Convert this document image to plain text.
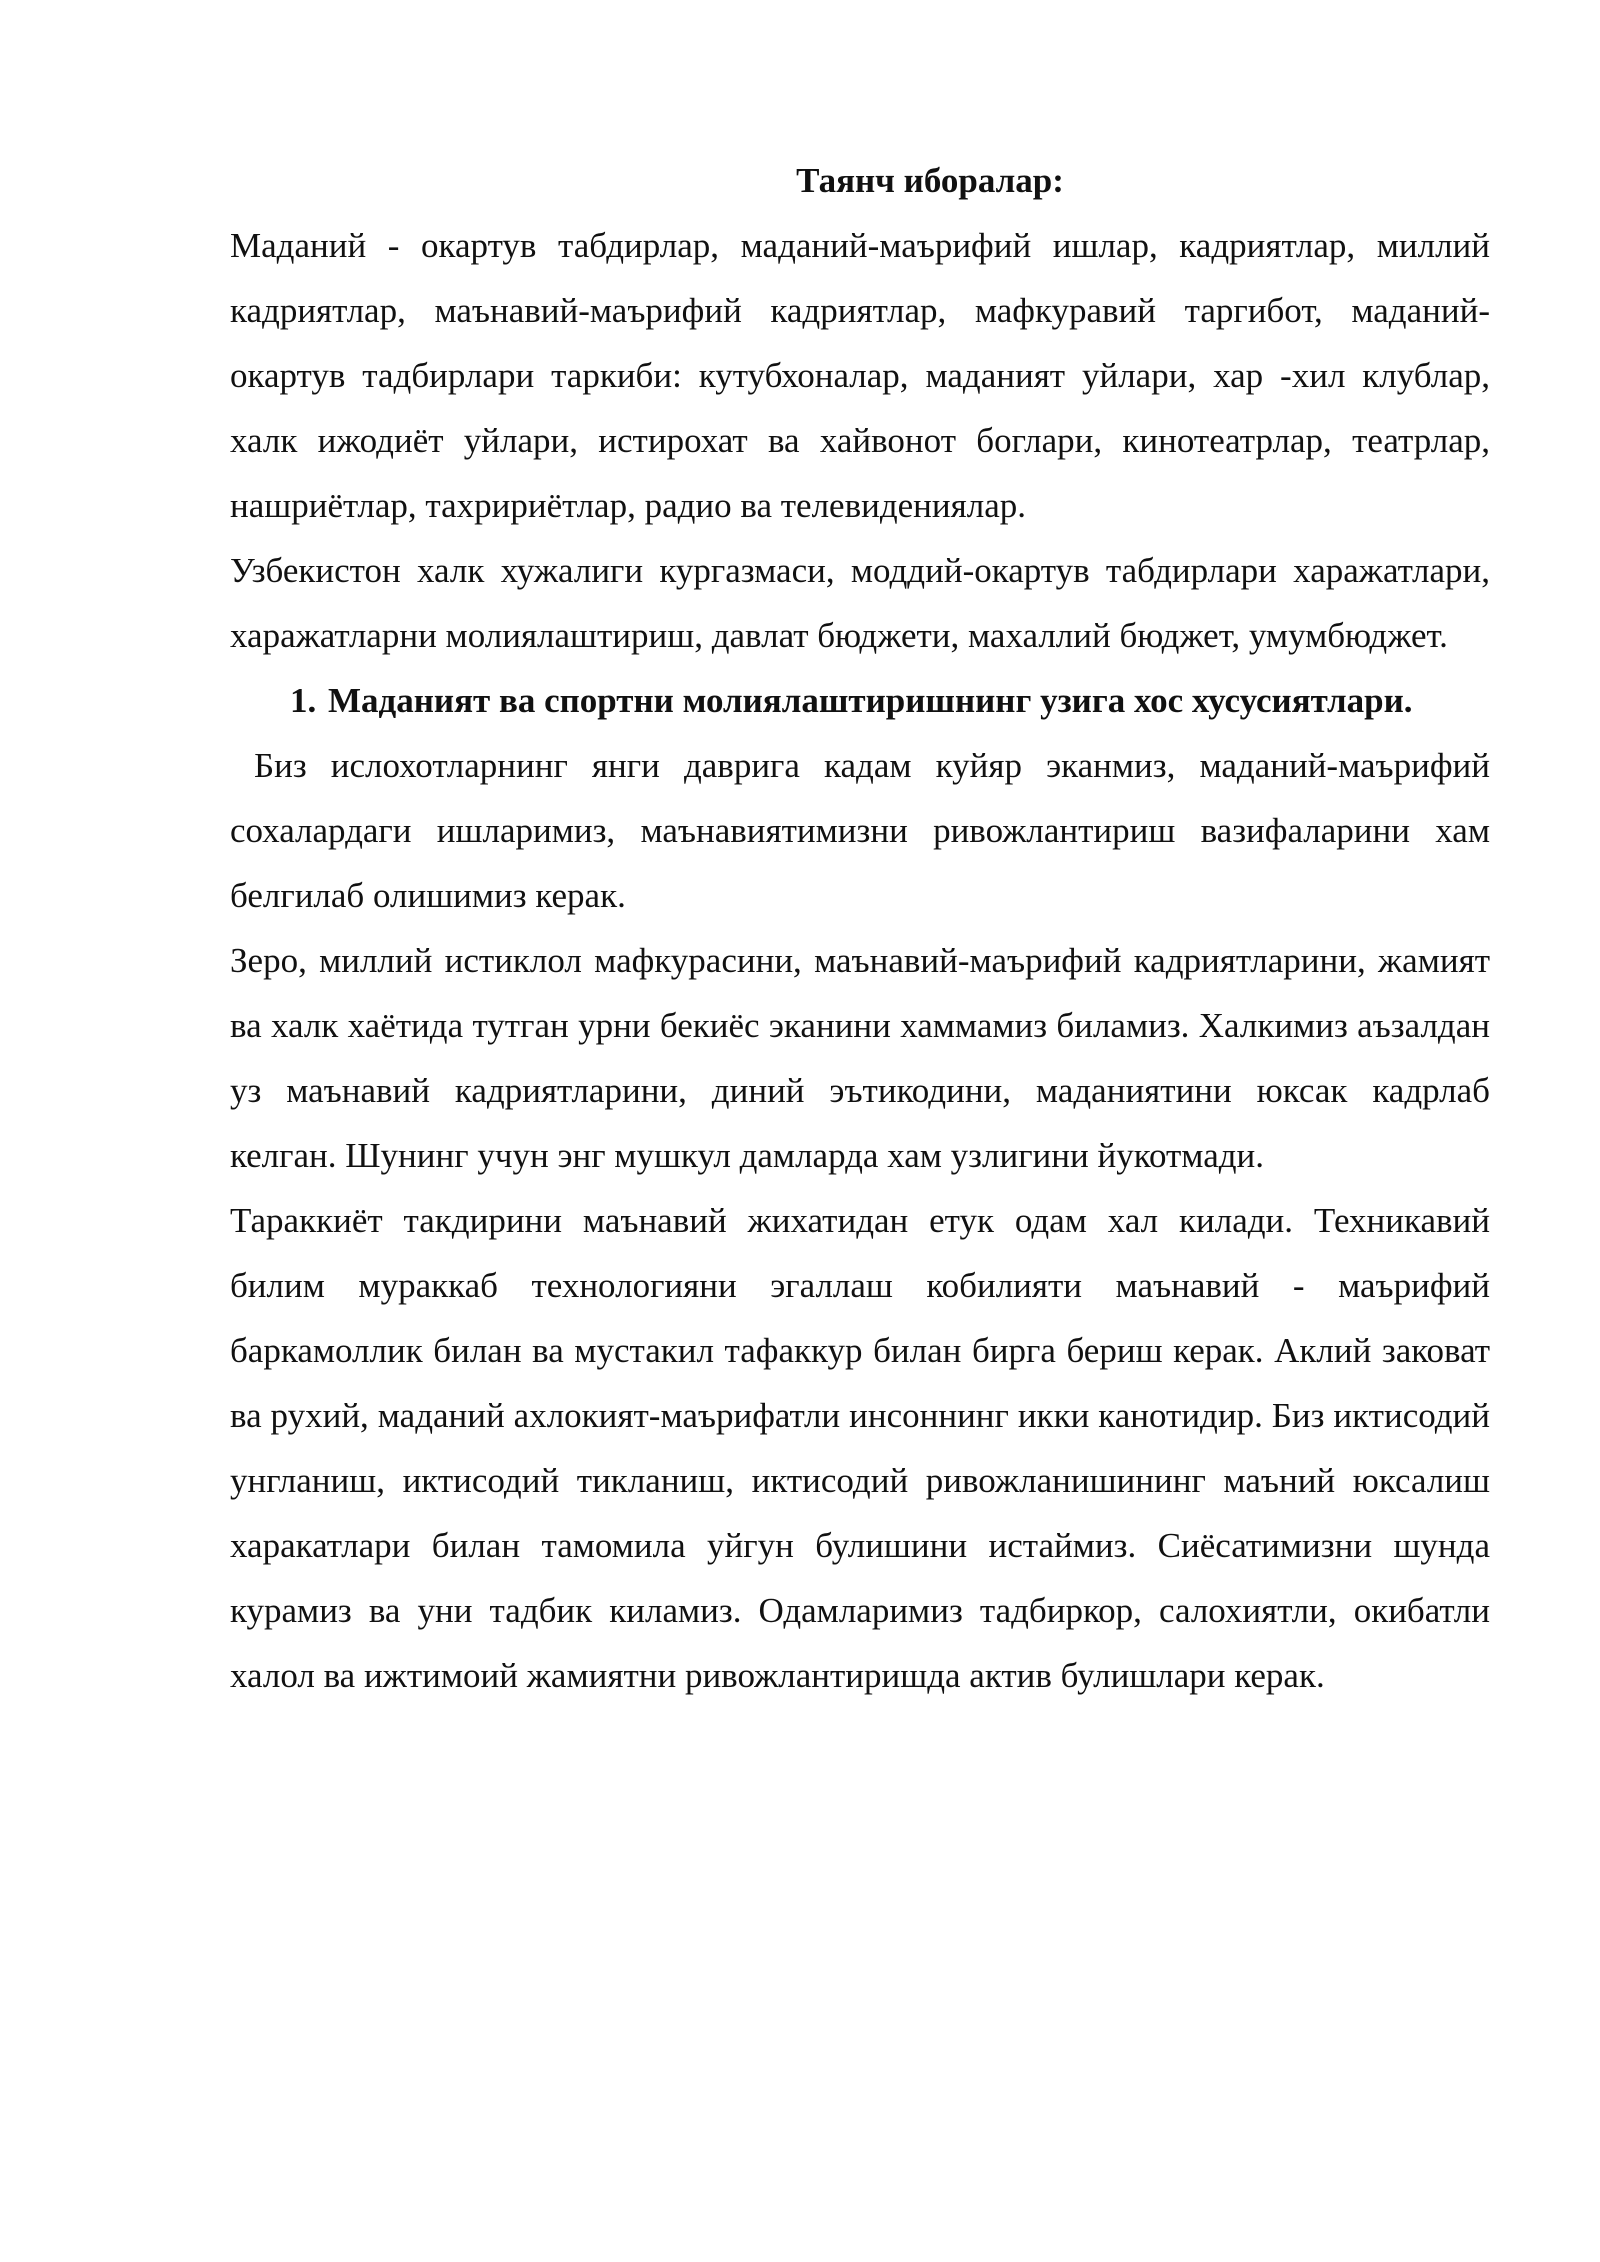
Таянч иборалар:

Маданий - окартув табдирлар, маданий-маърифий ишлар, кадриятлар, миллий кадриятлар, маънавий-маърифий кадриятлар, мафкуравий таргибот, маданий-окартув тадбирлари таркиби: кутубхоналар, маданият уйлари, хар -хил клублар, халк ижодиёт уйлари, истирохат ва хайвонот боглари, кинотеатрлар, театрлар, нашриётлар, тахририётлар, радио ва телевидениялар.

Узбекистон халк хужалиги кургазмаси, моддий-окартув табдирлари харажатлари, харажатларни молиялаштириш, давлат бюджети, махаллий бюджет, умумбюджет.

1. Маданият ва спортни молиялаштиришнинг узига хос хусусиятлари.

Биз ислохотларнинг янги даврига кадам куйяр эканмиз, маданий-маърифий сохалардаги ишларимиз, маънавиятимизни ривожлантириш вазифаларини хам белгилаб олишимиз керак.

Зеро, миллий истиклол мафкурасини, маънавий-маърифий кадриятларини, жамият ва халк хаётида тутган урни бекиёс эканини хаммамиз биламиз. Халкимиз аъзалдан уз маънавий кадриятларини, диний эътикодини, маданиятини юксак кадрлаб келган. Шунинг учун энг мушкул дамларда хам узлигини йукотмади.

Тараккиёт такдирини маънавий жихатидан етук одам хал килади. Техникавий билим мураккаб технологияни эгаллаш кобилияти маънавий - маърифий баркамоллик билан ва мустакил тафаккур билан бирга бериш керак. Аклий заковат ва рухий, маданий ахлокият-маърифатли инсоннинг икки канотидир. Биз иктисодий унгланиш, иктисодий тикланиш, иктисодий ривожланишининг маъний юксалиш харакатлари билан тамомила уйгун булишини истаймиз. Сиёсатимизни шунда курамиз ва уни тадбик киламиз. Одамларимиз тадбиркор, салохиятли, окибатли халол ва ижтимоий жамиятни ривожлантиришда актив булишлари керак.
